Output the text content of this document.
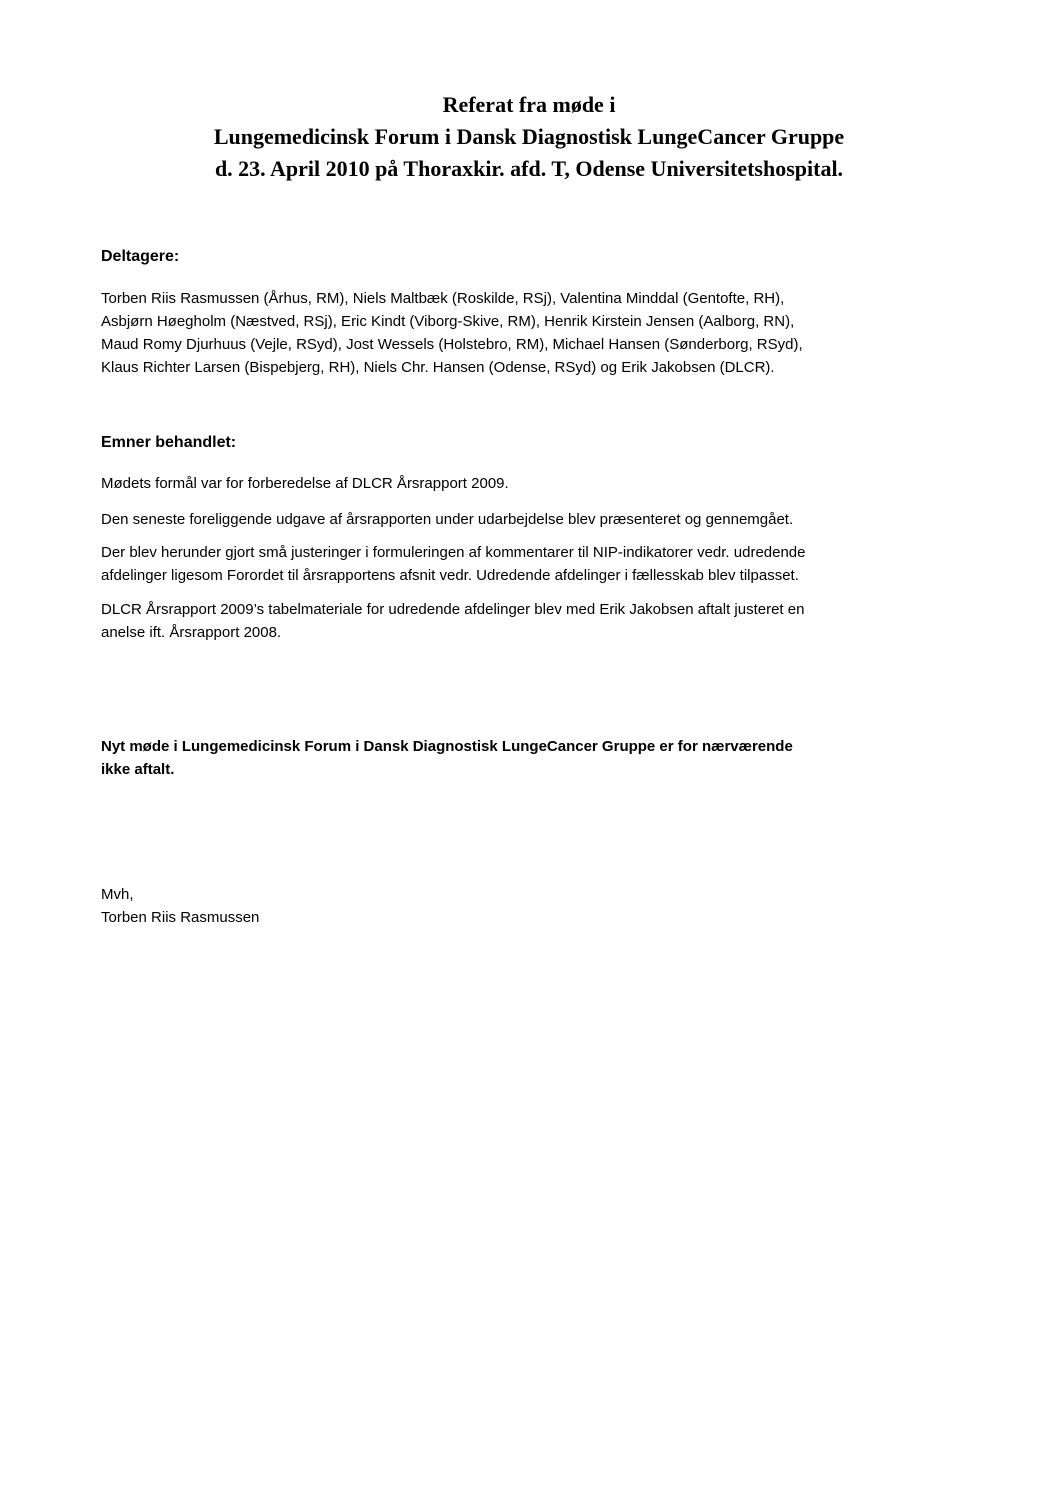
Referat fra møde i
Lungemedicinsk Forum i Dansk Diagnostisk LungeCancer Gruppe
d. 23. April 2010 på Thoraxkir. afd. T, Odense Universitetshospital.
Deltagere:
Torben Riis Rasmussen (Århus, RM), Niels Maltbæk (Roskilde, RSj), Valentina Minddal (Gentofte, RH),
Asbjørn Høegholm (Næstved, RSj), Eric Kindt (Viborg-Skive, RM), Henrik Kirstein Jensen (Aalborg, RN),
Maud Romy Djurhuus (Vejle, RSyd), Jost Wessels (Holstebro, RM), Michael Hansen (Sønderborg, RSyd),
Klaus Richter Larsen (Bispebjerg, RH), Niels Chr. Hansen (Odense, RSyd) og Erik Jakobsen (DLCR).
Emner behandlet:
Mødets formål var for forberedelse af DLCR Årsrapport 2009.
Den seneste foreliggende udgave af årsrapporten under udarbejdelse blev præsenteret og gennemgået.
Der blev herunder gjort små justeringer i formuleringen af kommentarer til NIP-indikatorer vedr. udredende
afdelinger ligesom Forordet til årsrapportens afsnit vedr. Udredende afdelinger i fællesskab blev tilpasset.
DLCR Årsrapport 2009’s tabelmateriale for udredende afdelinger blev med Erik Jakobsen aftalt justeret en
anelse ift. Årsrapport 2008.
Nyt møde i Lungemedicinsk Forum i Dansk Diagnostisk LungeCancer Gruppe er for nærværende
ikke aftalt.
Mvh,
Torben Riis Rasmussen
